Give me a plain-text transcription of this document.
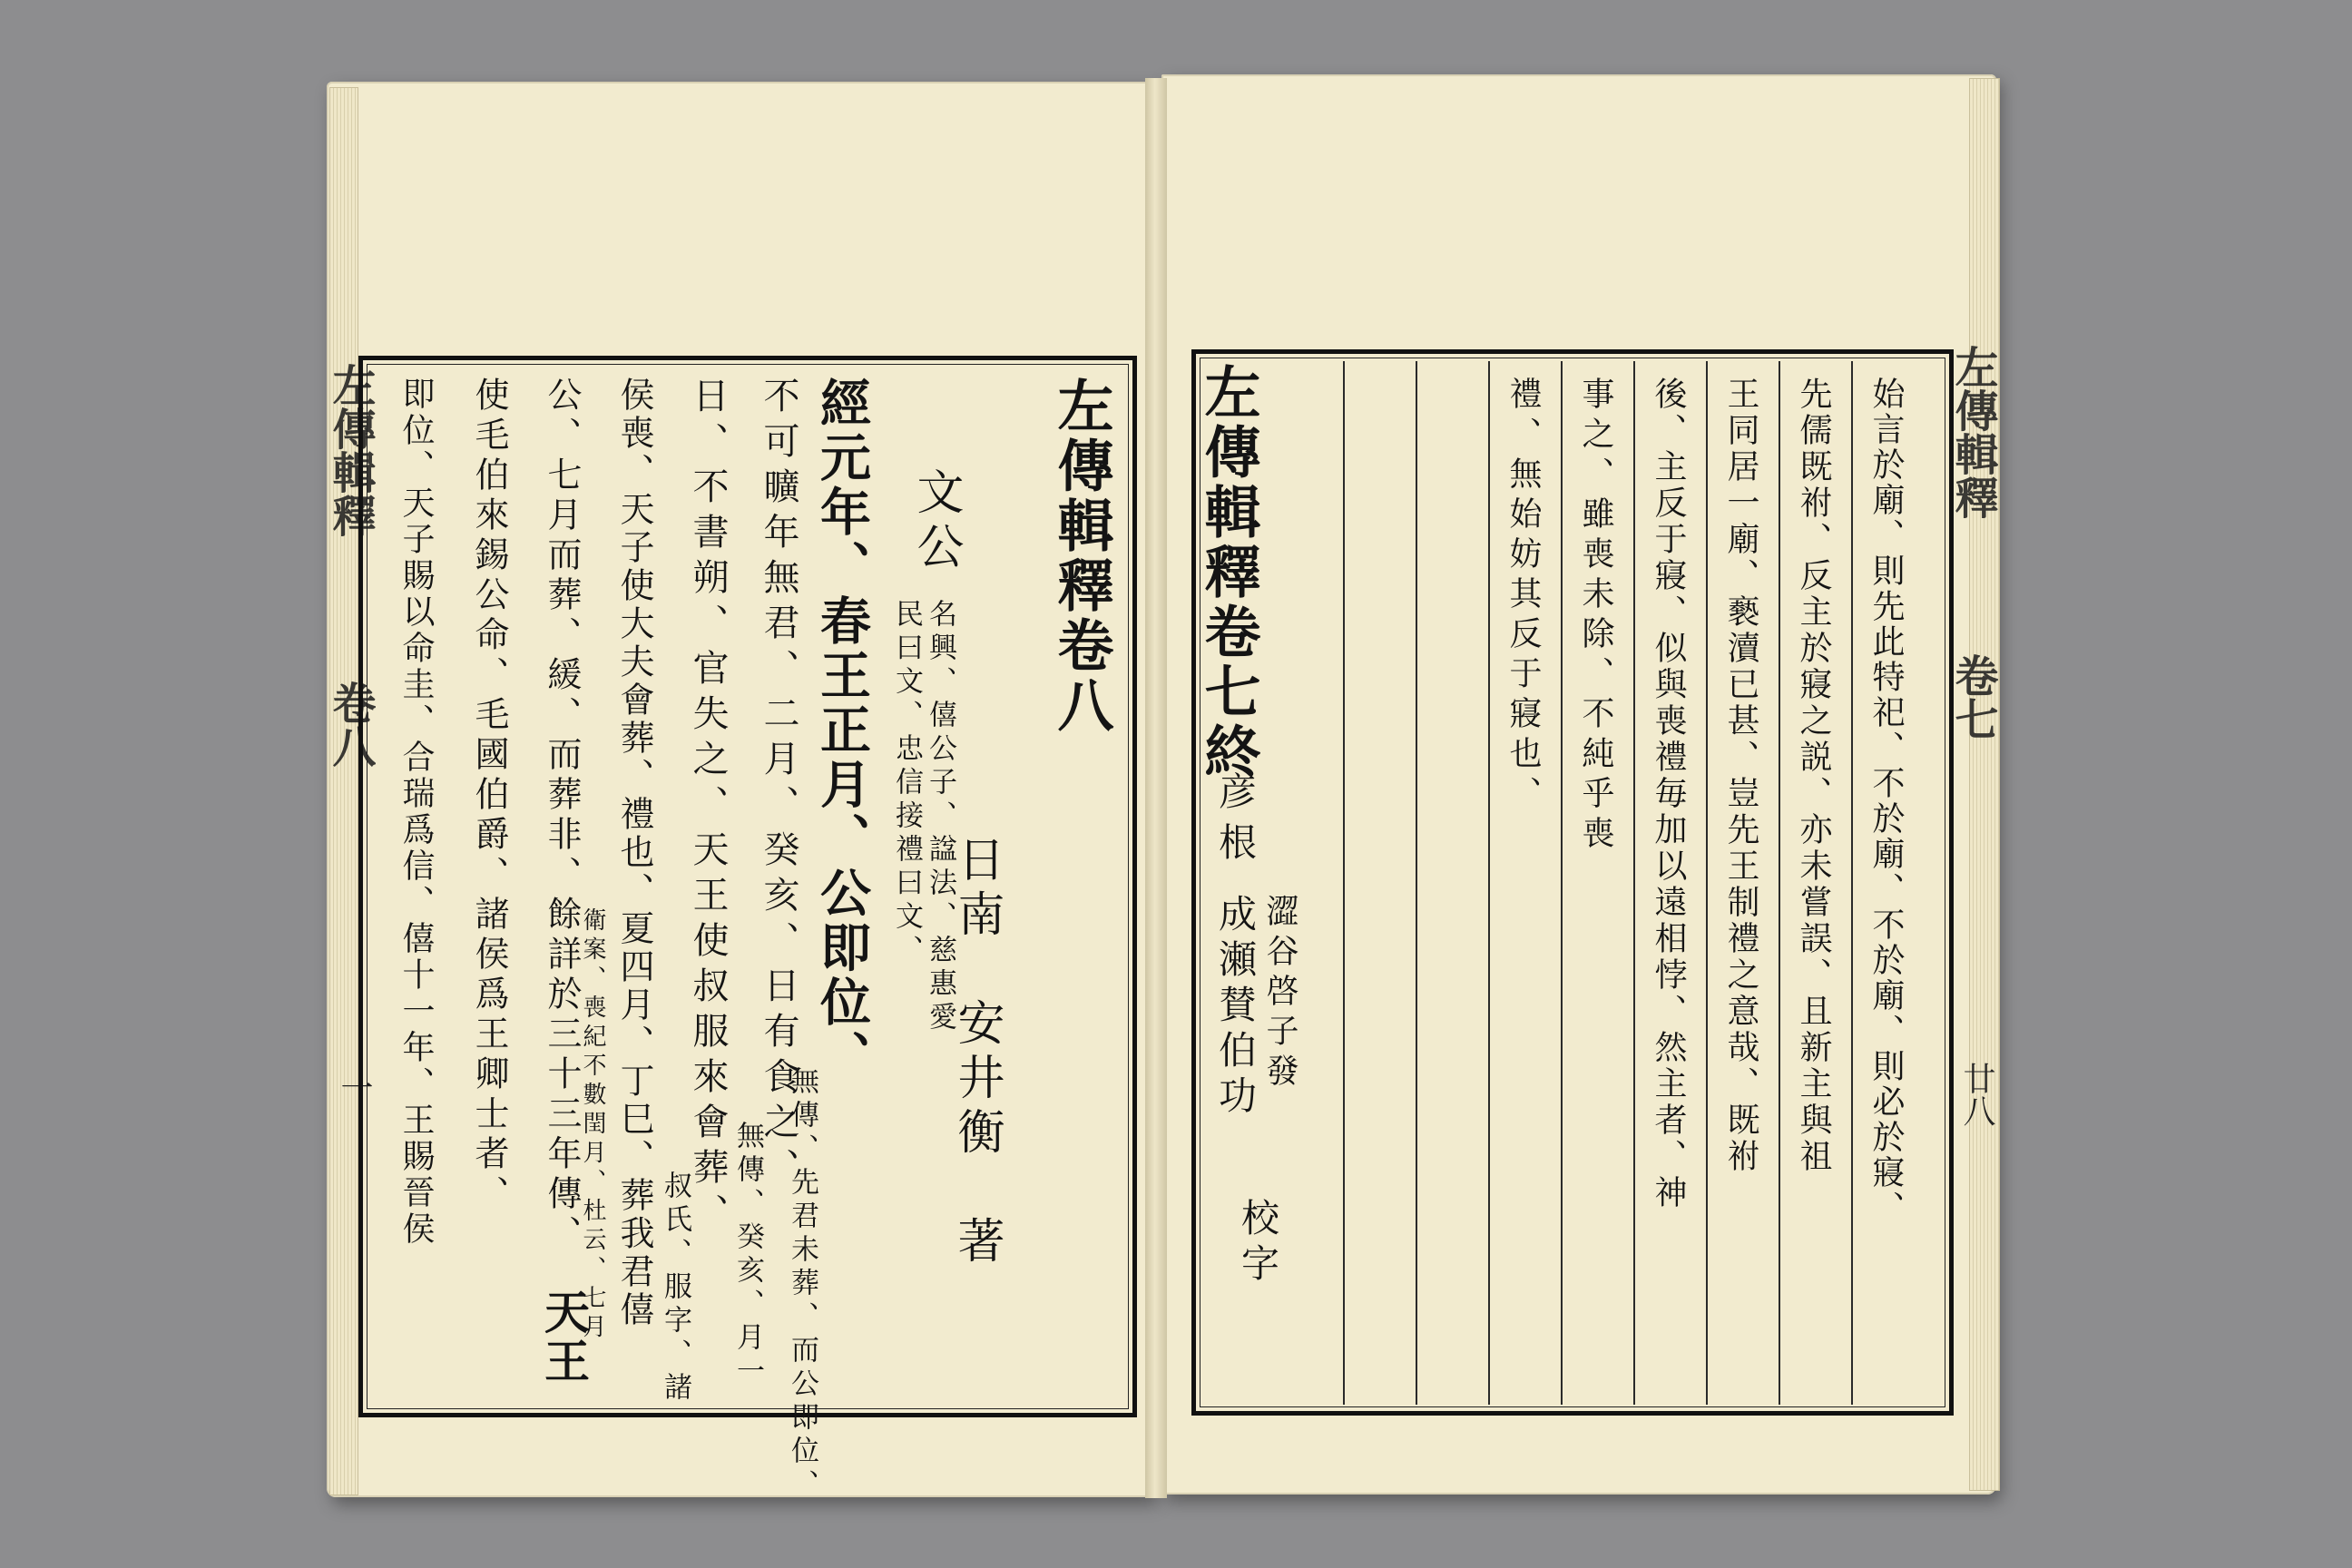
左傳輯釋
卷八
一
左傳輯釋卷八
日南　安井衡　著
文公
名興、僖公子、諡法、慈惠愛
民曰文、忠信接禮曰文、
經元年、春王正月、公即位、
無傳、先君未葬、而公即位、
不可曠年無君、二月、癸亥、日有食之、
無傳、癸亥、月一
日、不書朔、官失之、天王使叔服來會葬、
叔氏、服字、諸
侯喪、天子使大夫會葬、禮也、夏四月、丁巳、葬我君僖
衛案、喪紀不數閏月、杜云、七月
公、七月而葬、緩、而葬非、餘詳於三十三年傳、
天王
使毛伯來錫公命、毛國伯爵、諸侯爲王卿士者、
即位、天子賜以命圭、合瑞爲信、僖十一年、王賜晉侯	始言於廟、則先此特祀、不於廟、不於廟、則必於寢、
先儒既祔、反主於寢之説、亦未嘗誤、且新主與祖
王同居一廟、褻瀆已甚、豈先王制禮之意哉、既祔
後、主反于寢、似與喪禮毎加以遠相悖、然主者、神
事之、雖喪未除、不純乎喪
禮、無始妨其反于寢也、
左傳輯釋卷七終
彦根
澀谷啓子發
成瀬賛伯功
校字
左傳輯釋
卷七
廿八
